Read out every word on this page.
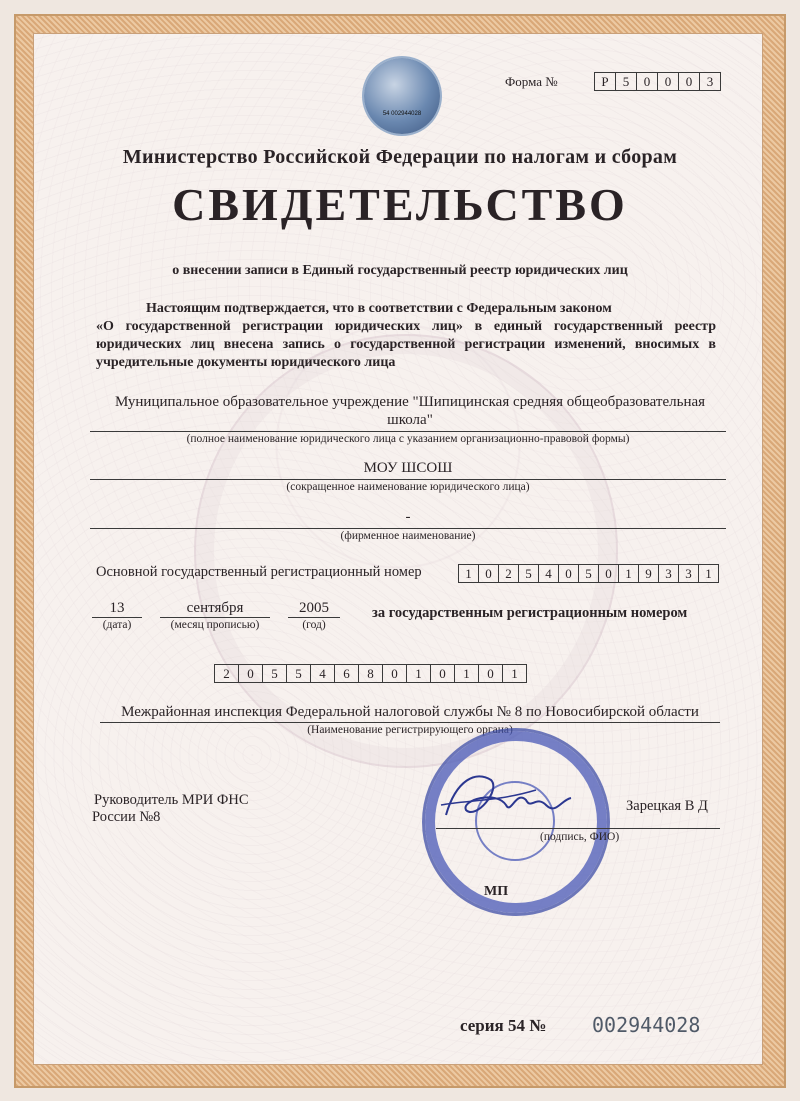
54 002944028
Форма №	Р	5	0	0	0	3
Министерство Российской Федерации по налогам и сборам
СВИДЕТЕЛЬСТВО
о внесении записи в Единый государственный реестр юридических лиц
Настоящим подтверждается, что в соответствии с Федеральным законом
«О государственной регистрации юридических лиц» в единый государственный реестр юридических лиц внесена запись о государственной регистрации изменений, вносимых в учредительные документы юридического лица
Муниципальное образовательное учреждение "Шипицинская средняя общеобразовательная
школа"
(полное наименование юридического лица с указанием организационно-правовой формы)
МОУ ШСОШ
(сокращенное наименование юридического лица)
-
(фирменное наименование)
Основной государственный регистрационный номер	1	0	2	5	4	0	5	0	1	9	3	3	1
13
(дата)
сентября
(месяц прописью)
2005
(год)
за государственным регистрационным номером
2	0	5	5	4	6	8	0	1	0	1	0	1
Межрайонная инспекция Федеральной налоговой службы № 8 по Новосибирской области
(Наименование регистрирующего органа)
Руководитель МРИ ФНС
России №8
Зарецкая В Д
(подпись, ФИО)
МП
серия 54 № 002944028
